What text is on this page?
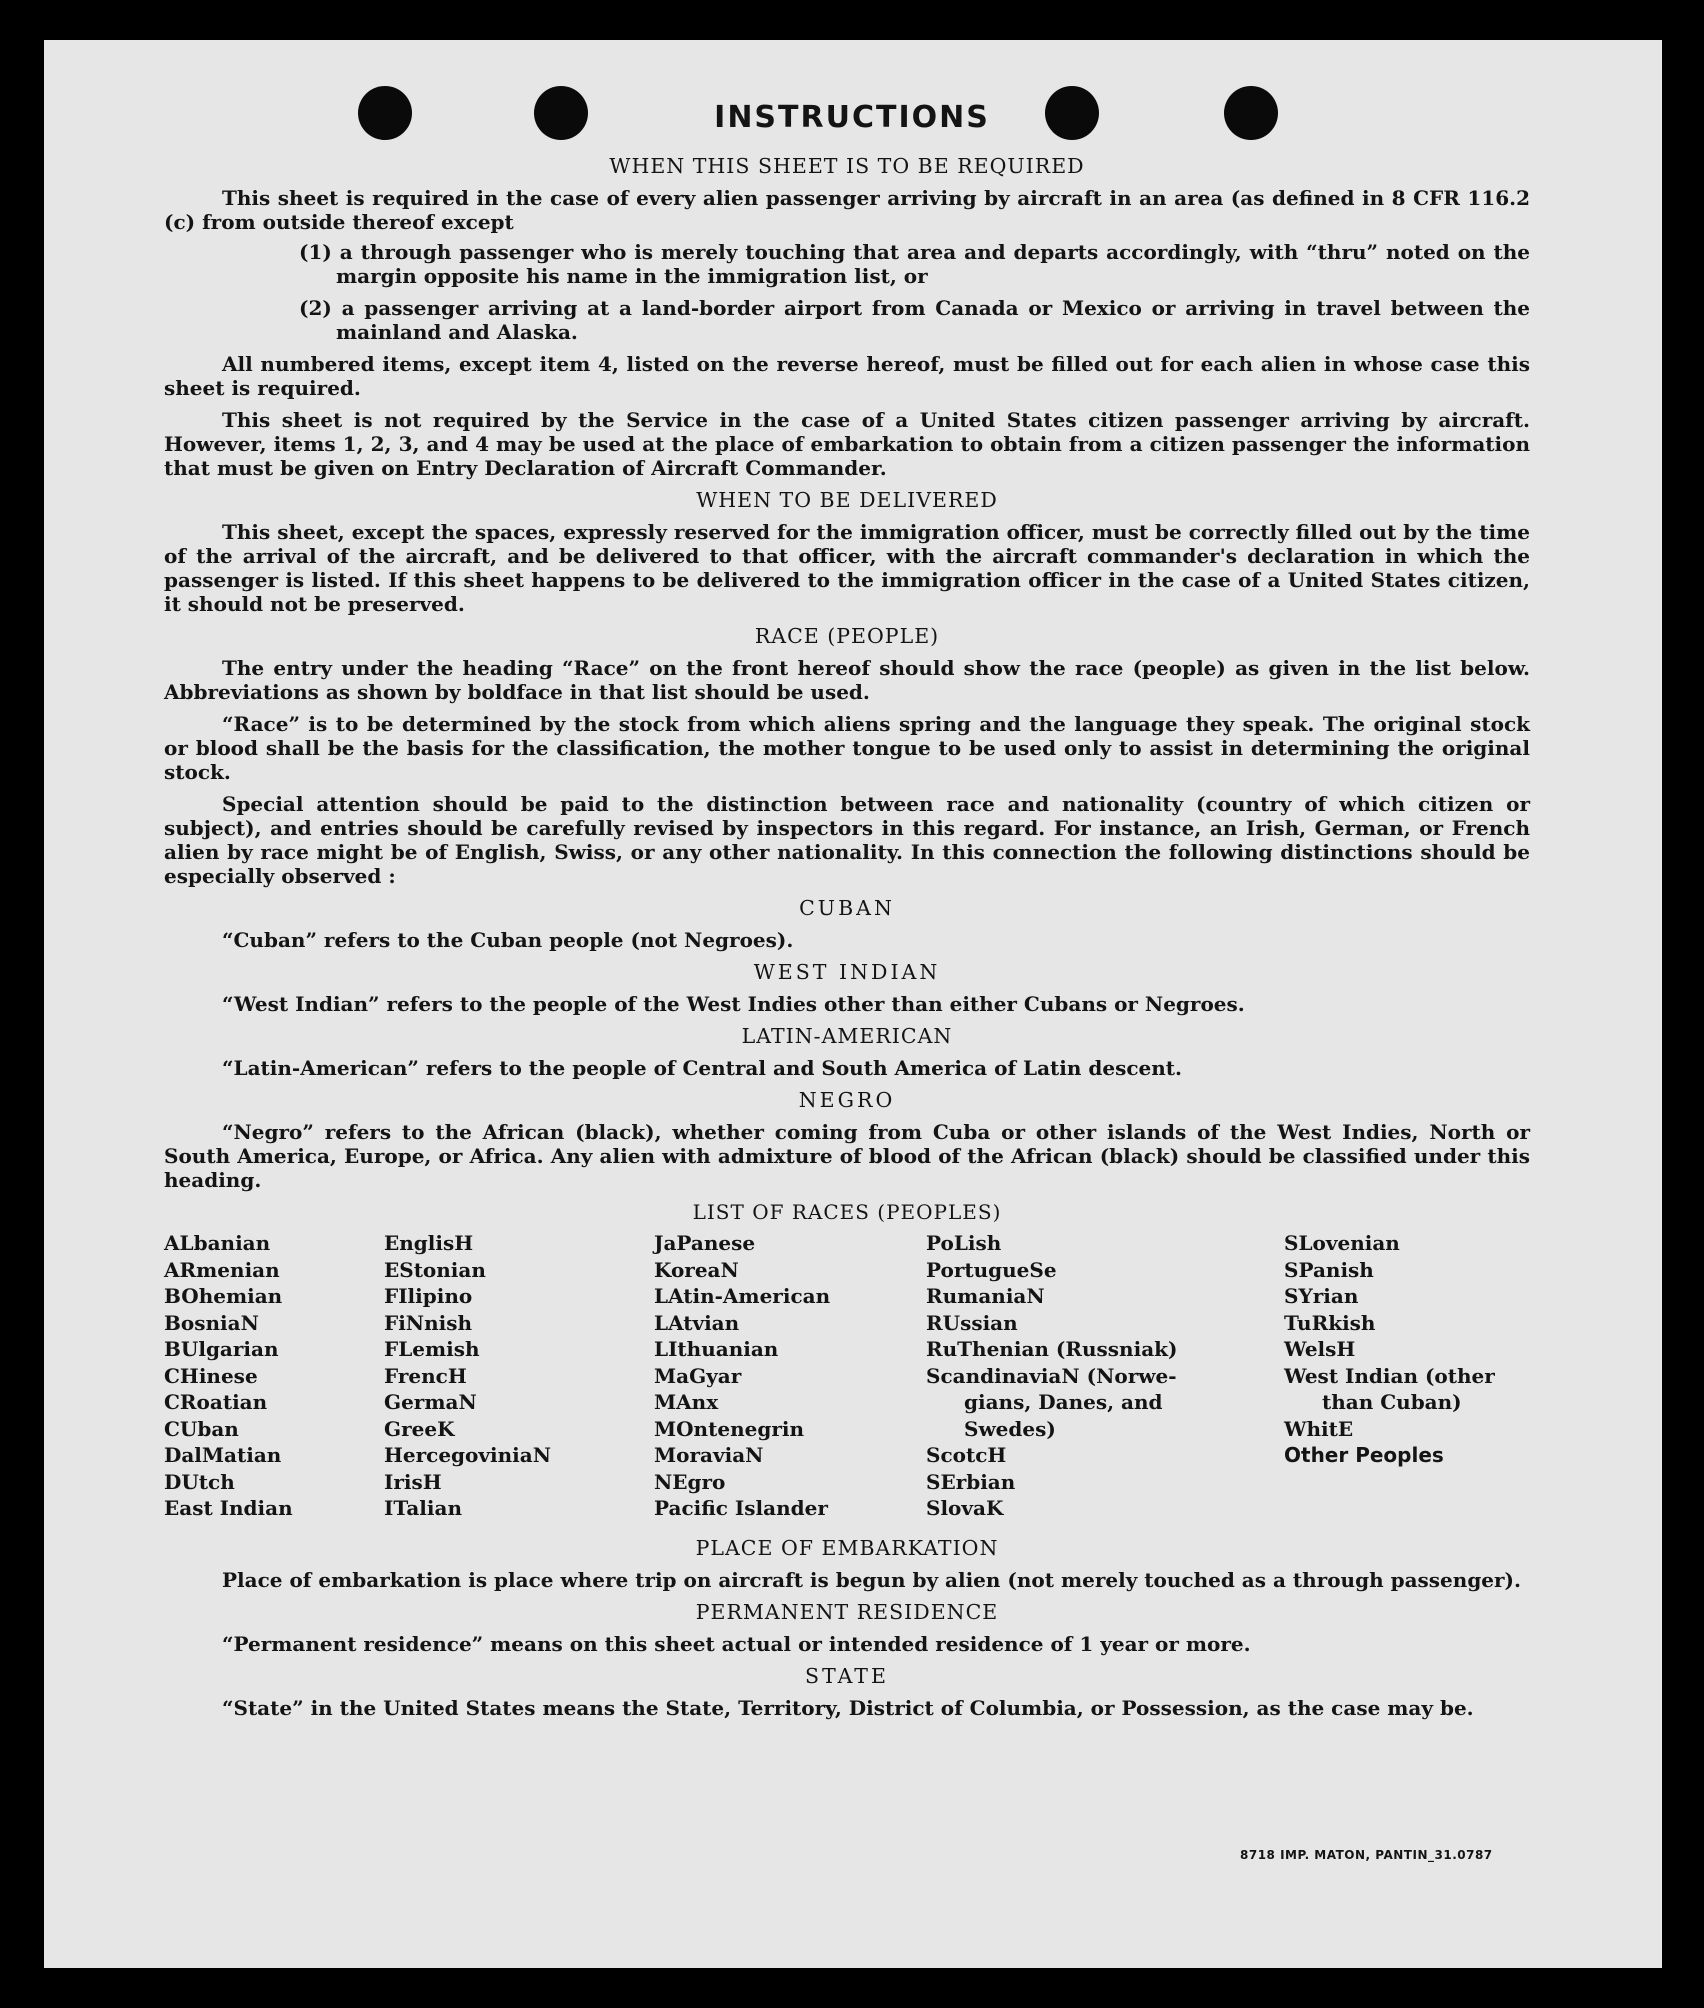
INSTRUCTIONS
WHEN THIS SHEET IS TO BE REQUIRED

This sheet is required in the case of every alien passenger arriving by aircraft in an area (as defined in 8 CFR 116.2 (c) from outside thereof except

(1) a through passenger who is merely touching that area and departs accordingly, with “thru” noted on the margin opposite his name in the immigration list, or
(2) a passenger arriving at a land-border airport from Canada or Mexico or arriving in travel between the mainland and Alaska.

All numbered items, except item 4, listed on the reverse hereof, must be filled out for each alien in whose case this sheet is required.

This sheet is not required by the Service in the case of a United States citizen passenger arriving by aircraft. However, items 1, 2, 3, and 4 may be used at the place of embarkation to obtain from a citizen passenger the information that must be given on Entry Declaration of Aircraft Commander.

WHEN TO BE DELIVERED

This sheet, except the spaces, expressly reserved for the immigration officer, must be correctly filled out by the time of the arrival of the aircraft, and be delivered to that officer, with the aircraft commander's declaration in which the passenger is listed. If this sheet happens to be delivered to the immigration officer in the case of a United States citizen, it should not be preserved.

RACE (PEOPLE)

The entry under the heading “Race” on the front hereof should show the race (people) as given in the list below. Abbreviations as shown by boldface in that list should be used.

“Race” is to be determined by the stock from which aliens spring and the language they speak. The original stock or blood shall be the basis for the classification, the mother tongue to be used only to assist in determining the original stock.

Special attention should be paid to the distinction between race and nationality (country of which citizen or subject), and entries should be carefully revised by inspectors in this regard. For instance, an Irish, German, or French alien by race might be of English, Swiss, or any other nationality. In this connection the following distinctions should be especially observed :

CUBAN

“Cuban” refers to the Cuban people (not Negroes).

WEST INDIAN

“West Indian” refers to the people of the West Indies other than either Cubans or Negroes.

LATIN-AMERICAN

“Latin-American” refers to the people of Central and South America of Latin descent.

NEGRO

“Negro” refers to the African (black), whether coming from Cuba or other islands of the West Indies, North or South America, Europe, or Africa. Any alien with admixture of blood of the African (black) should be classified under this heading.

LIST OF RACES (PEOPLES)
ALbanian
ARmenian
BOhemian
BosniaN
BUlgarian
CHinese
CRoatian
CUban
DalMatian
DUtch
East Indian
EnglisH
EStonian
FIlipino
FiNnish
FLemish
FrencH
GermaN
GreeK
HercegoviniaN
IrisH
ITalian
JaPanese
KoreaN
LAtin-American
LAtvian
LIthuanian
MaGyar
MAnx
MOntenegrin
MoraviaN
NEgro
Pacific Islander
PoLish
PortugueSe
RumaniaN
RUssian
RuThenian (Russniak)
ScandinaviaN (Norwe-
gians, Danes, and
Swedes)
ScotcH
SErbian
SlovaK
SLovenian
SPanish
SYrian
TuRkish
WelsH
West Indian (other
than Cuban)
WhitE
Other Peoples
PLACE OF EMBARKATION

Place of embarkation is place where trip on aircraft is begun by alien (not merely touched as a through passenger).

PERMANENT RESIDENCE

“Permanent residence” means on this sheet actual or intended residence of 1 year or more.

STATE

“State” in the United States means the State, Territory, District of Columbia, or Possession, as the case may be.

8718 IMP. MATON, PANTIN_31.0787
